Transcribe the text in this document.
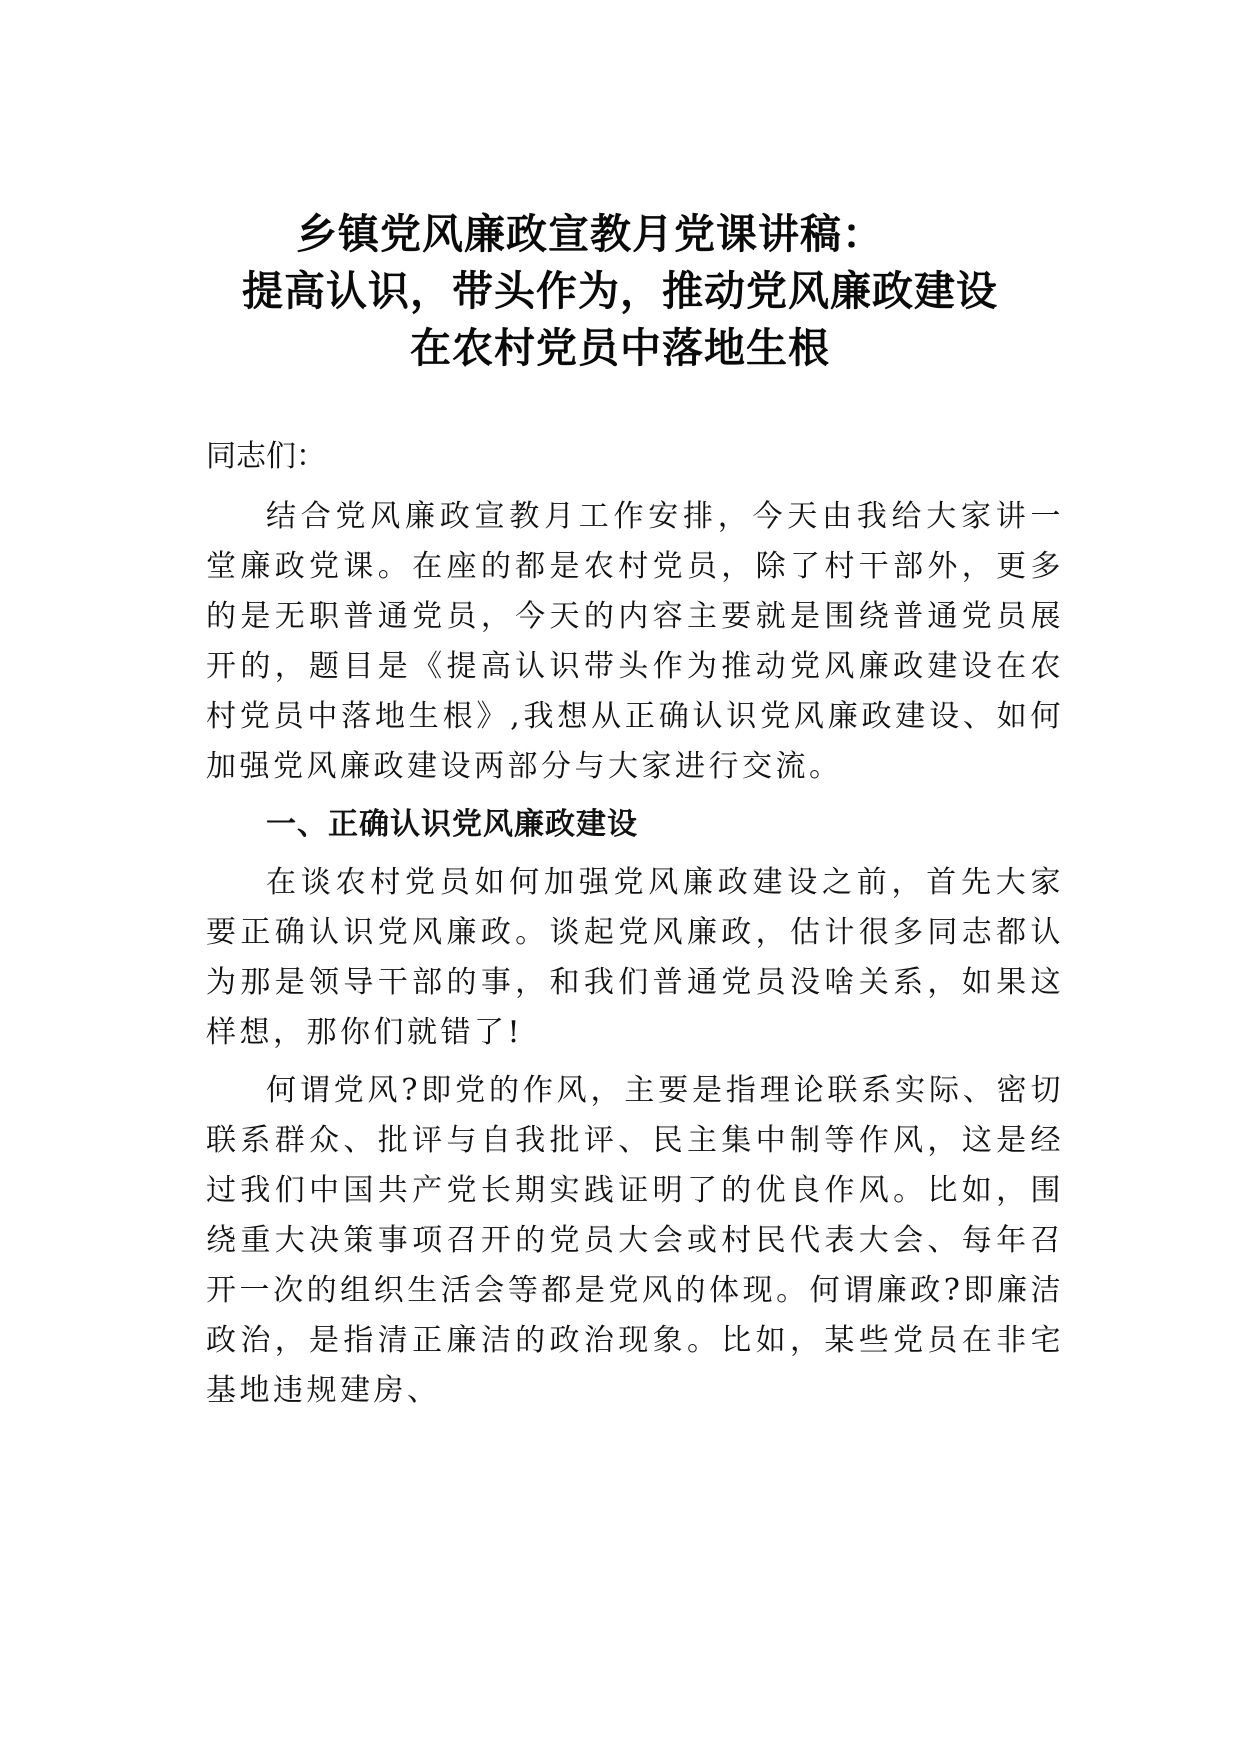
乡镇党风廉政宣教月党课讲稿：
提高认识，带头作为，推动党风廉政建设
在农村党员中落地生根

同志们：

结合党风廉政宣教月工作安排，今天由我给大家讲一堂廉政党课。在座的都是农村党员，除了村干部外，更多的是无职普通党员，今天的内容主要就是围绕普通党员展开的，题目是《提高认识带头作为推动党风廉政建设在农村党员中落地生根》,我想从正确认识党风廉政建设、如何加强党风廉政建设两部分与大家进行交流。

一、正确认识党风廉政建设

在谈农村党员如何加强党风廉政建设之前，首先大家要正确认识党风廉政。谈起党风廉政，估计很多同志都认为那是领导干部的事，和我们普通党员没啥关系，如果这样想，那你们就错了!

何谓党风?即党的作风，主要是指理论联系实际、密切联系群众、批评与自我批评、民主集中制等作风，这是经过我们中国共产党长期实践证明了的优良作风。比如，围绕重大决策事项召开的党员大会或村民代表大会、每年召开一次的组织生活会等都是党风的体现。何谓廉政?即廉洁政治，是指清正廉洁的政治现象。比如，某些党员在非宅基地违规建房、
